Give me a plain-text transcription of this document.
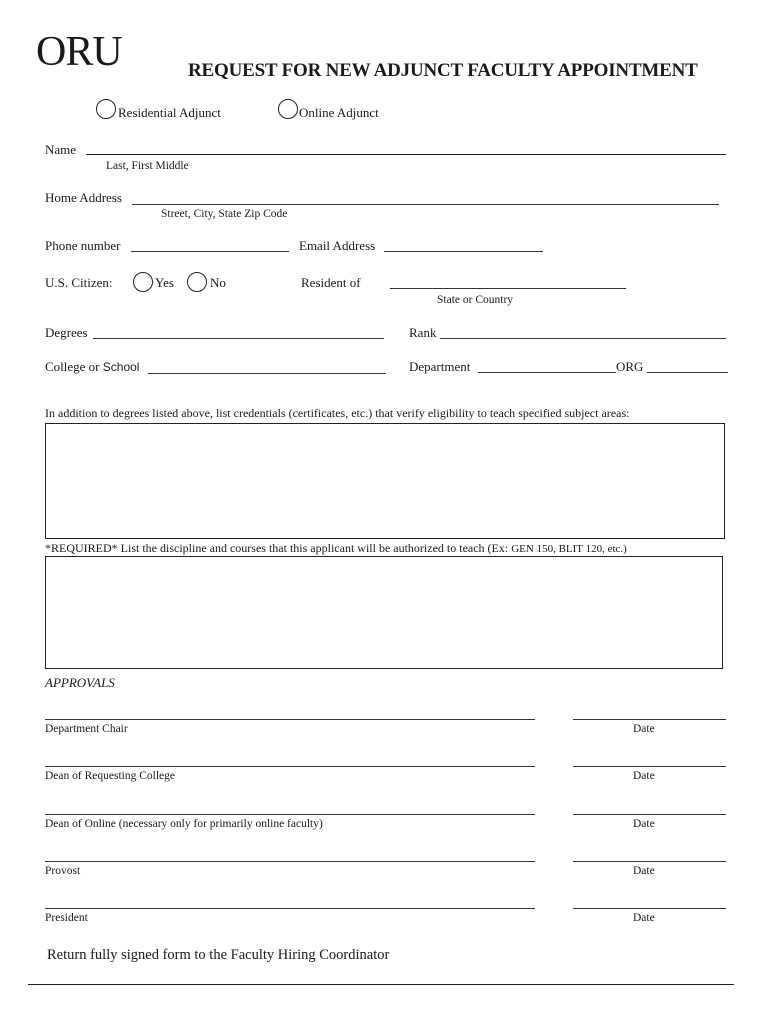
ORU	REQUEST FOR NEW ADJUNCT FACULTY APPOINTMENT
Residential Adjunct	Online Adjunct
Name
Last, First Middle
Home Address
Street, City, State Zip Code
Phone number	Email Address
U.S. Citizen:	Yes	No	Resident of
State or Country
Degrees	Rank
College or School	Department	ORG
In addition to degrees listed above, list credentials (certificates, etc.) that verify eligibility to teach specified subject areas:
*REQUIRED* List the discipline and courses that this applicant will be authorized to teach (Ex: GEN 150, BLIT 120, etc.)
APPROVALS
Department Chair	Date
Dean of Requesting College	Date
Dean of Online (necessary only for primarily online faculty)	Date
Provost	Date
President	Date
Return fully signed form to the Faculty Hiring Coordinator
